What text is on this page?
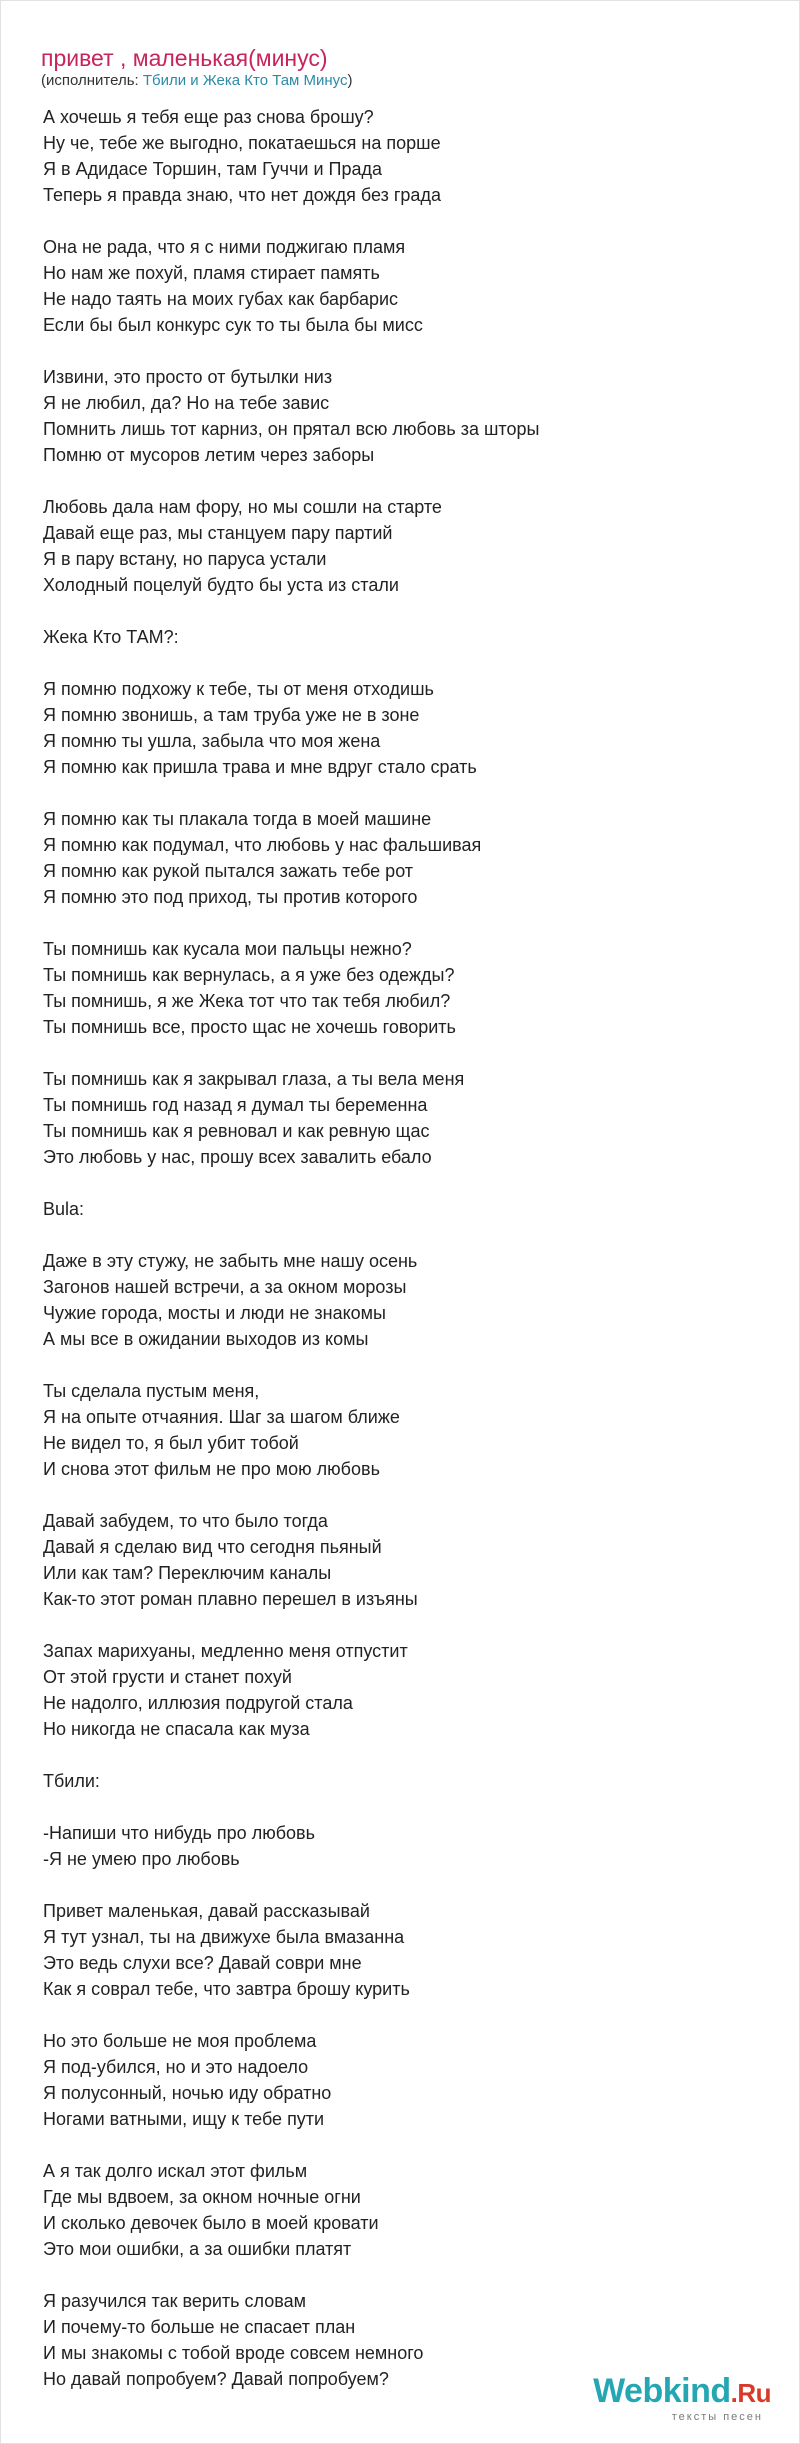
привет , маленькая(минус)
(исполнитель: Тбили и Жека Кто Там Минус)
А хочешь я тебя еще раз снова брошу?
Ну че, тебе же выгодно, покатаешься на порше
Я в Адидасе Торшин, там Гуччи и Прада
Теперь я правда знаю, что нет дождя без града
Она не рада, что я с ними поджигаю пламя
Но нам же похуй, пламя стирает память
Не надо таять на моих губах как барбарис
Если бы был конкурс сук то ты была бы мисс
Извини, это просто от бутылки низ
Я не любил, да? Но на тебе завис
Помнить лишь тот карниз, он прятал всю любовь за шторы
Помню от мусоров летим через заборы
Любовь дала нам фору, но мы сошли на старте
Давай еще раз, мы станцуем пару партий
Я в пару встану, но паруса устали
Холодный поцелуй будто бы уста из стали
Жека Кто ТАМ?:
Я помню подхожу к тебе, ты от меня отходишь
Я помню звонишь, а там труба уже не в зоне
Я помню ты ушла, забыла что моя жена
Я помню как пришла трава и мне вдруг стало срать
Я помню как ты плакала тогда в моей машине
Я помню как подумал, что любовь у нас фальшивая
Я помню как рукой пытался зажать тебе рот
Я помню это под приход, ты против которого
Ты помнишь как кусала мои пальцы нежно?
Ты помнишь как вернулась, а я уже без одежды?
Ты помнишь, я же Жека тот что так тебя любил?
Ты помнишь все, просто щас не хочешь говорить
Ты помнишь как я закрывал глаза, а ты вела меня
Ты помнишь год назад я думал ты беременна
Ты помнишь как я ревновал и как ревную щас
Это любовь у нас, прошу всех завалить ебало
Bula:
Даже в эту стужу, не забыть мне нашу осень
Загонов нашей встречи, а за окном морозы
Чужие города, мосты и люди не знакомы
А мы все в ожидании выходов из комы
Ты сделала пустым меня,
Я на опыте отчаяния. Шаг за шагом ближе
Не видел то, я был убит тобой
И снова этот фильм не про мою любовь
Давай забудем, то что было тогда
Давай я сделаю вид что сегодня пьяный
Или как там? Переключим каналы
Как-то этот роман плавно перешел в изъяны
Запах марихуаны, медленно меня отпустит
От этой грусти и станет похуй
Не надолго, иллюзия подругой стала
Но никогда не спасала как муза
Тбили:
-Напиши что нибудь про любовь
-Я не умею про любовь
Привет маленькая, давай рассказывай
Я тут узнал, ты на движухе была вмазанна
Это ведь слухи все? Давай соври мне
Как я соврал тебе, что завтра брошу курить
Но это больше не моя проблема
Я под-убился, но и это надоело
Я полусонный, ночью иду обратно
Ногами ватными, ищу к тебе пути
А я так долго искал этот фильм
Где мы вдвоем, за окном ночные огни
И сколько девочек было в моей кровати
Это мои ошибки, а за ошибки платят
Я разучился так верить словам
И почему-то больше не спасает план
И мы знакомы с тобой вроде совсем немного
Но давай попробуем? Давай попробуем?	Webkind.Ru
тексты песен
